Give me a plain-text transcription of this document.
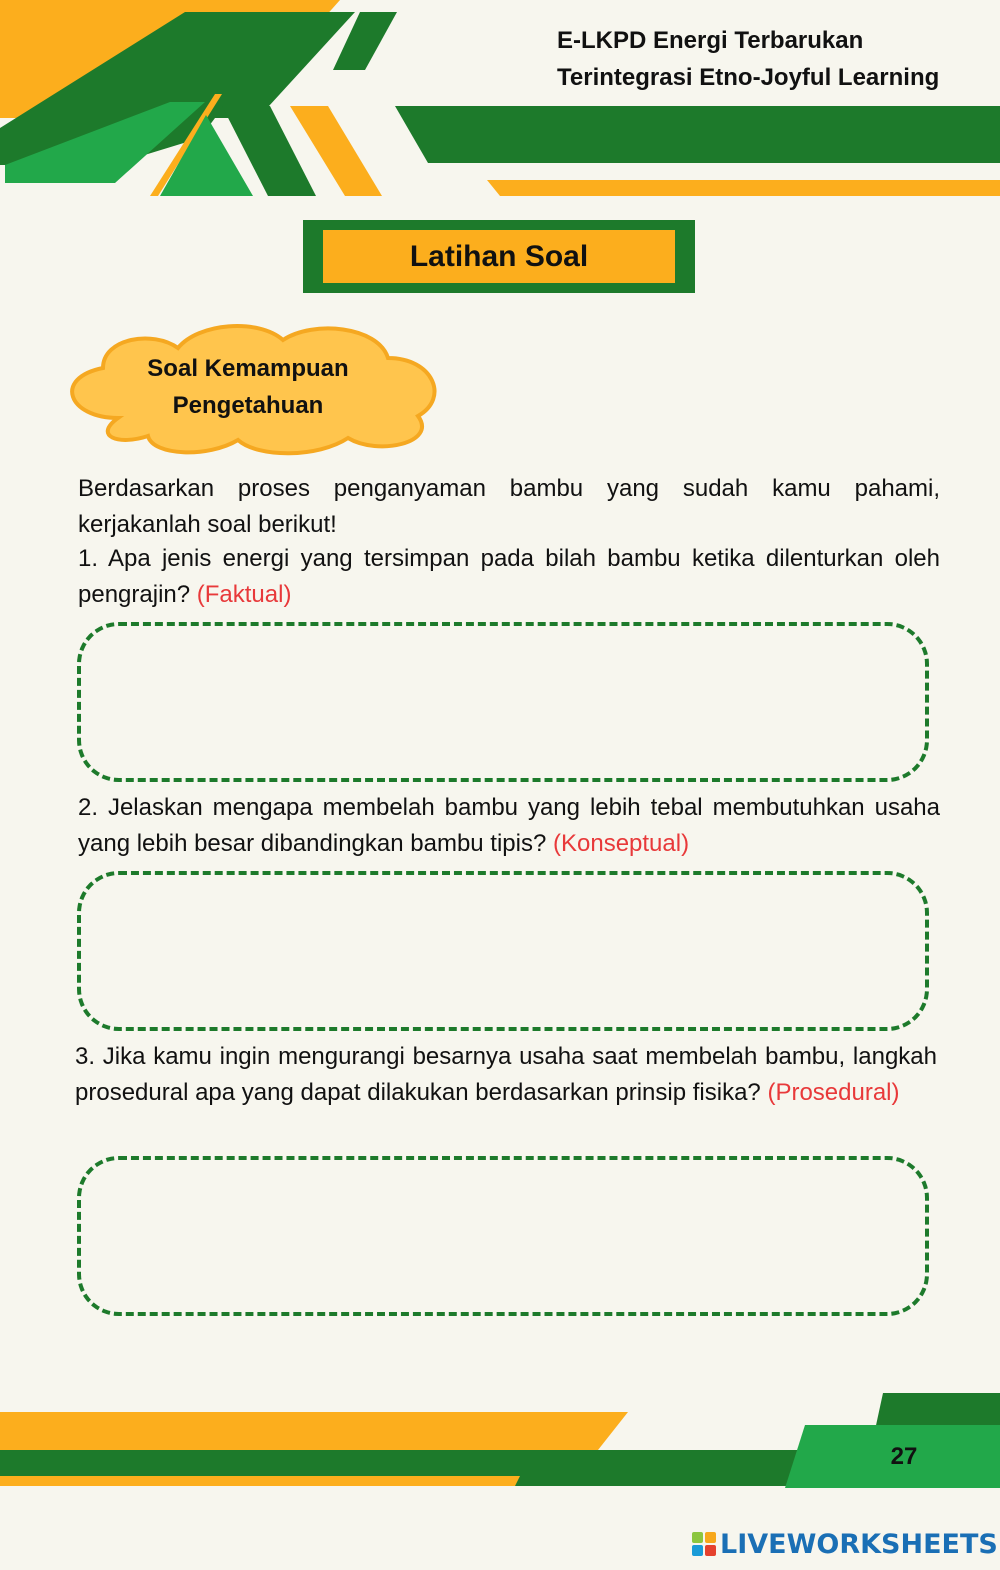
E-LKPD Energi Terbarukan
Terintegrasi Etno-Joyful Learning
Latihan Soal
Soal Kemampuan
Pengetahuan
Berdasarkan proses penganyaman bambu yang sudah kamu pahami, kerjakanlah soal berikut!
1. Apa jenis energi yang tersimpan pada bilah bambu ketika dilenturkan oleh pengrajin? (Faktual)
2. Jelaskan mengapa membelah bambu yang lebih tebal membutuhkan usaha yang lebih besar dibandingkan bambu tipis? (Konseptual)
3. Jika kamu ingin mengurangi besarnya usaha saat membelah bambu, langkah prosedural apa yang dapat dilakukan berdasarkan prinsip fisika? (Prosedural)
27
LIVEWORKSHEETS
